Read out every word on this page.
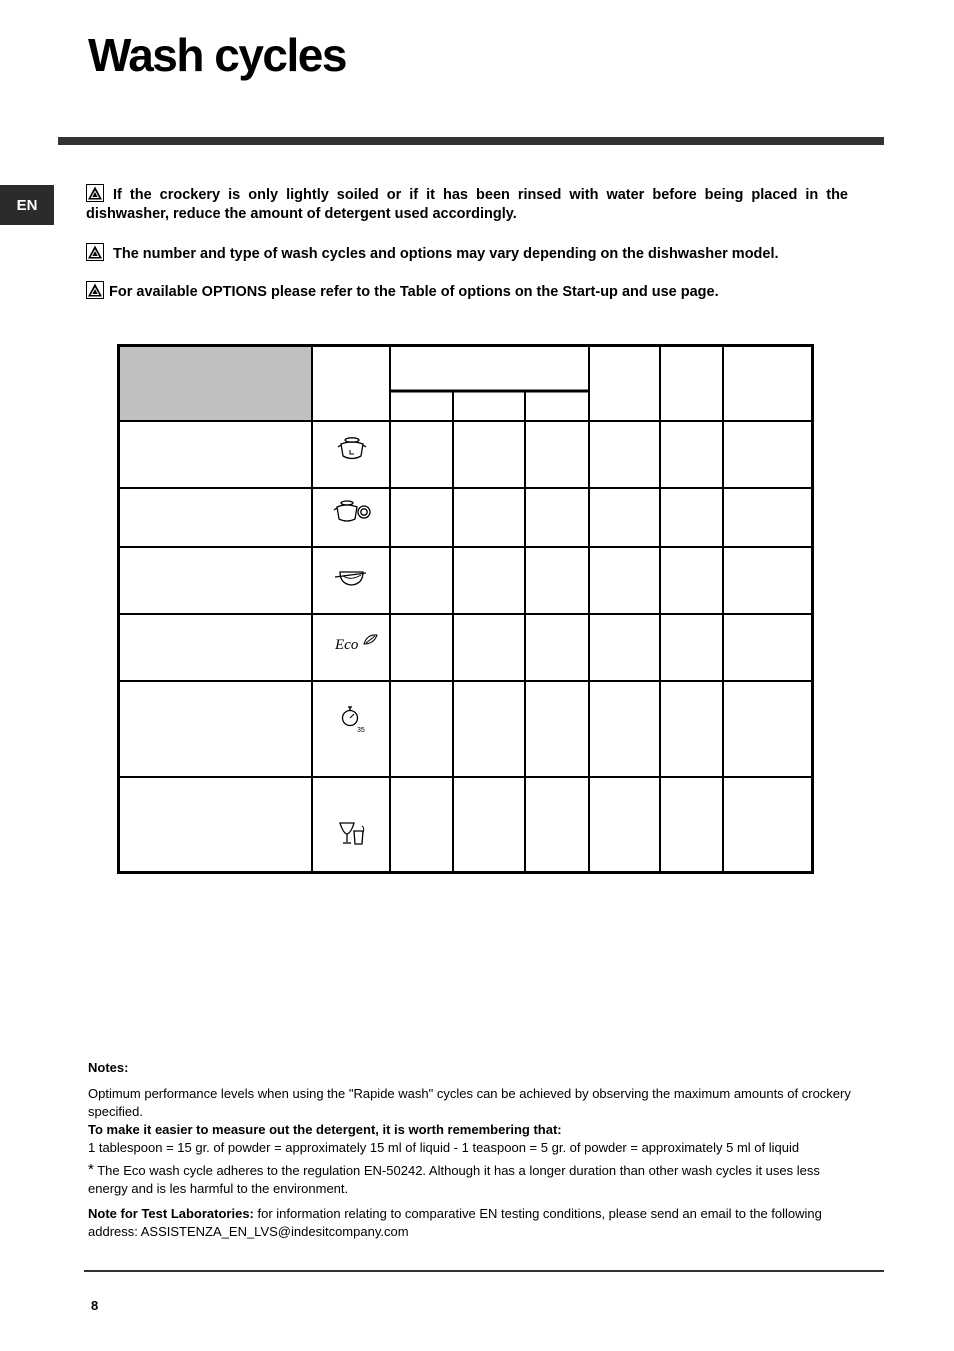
Wash cycles
EN
If the crockery is only lightly soiled or if it has been rinsed with water before being placed in the dishwasher, reduce the amount of detergent used accordingly.
The number and type of wash cycles and options may vary depending on the dishwasher model.
For available OPTIONS please refer to the Table of options on the Start-up and use page.
Eco
35

Notes:

Optimum performance levels when using the "Rapide wash" cycles can be achieved by observing the maximum amounts of crockery specified.

To make it easier to measure out the detergent, it is worth remembering that:

1 tablespoon = 15 gr. of powder = approximately 15 ml of liquid - 1 teaspoon = 5 gr. of powder = approximately 5 ml of liquid

* The Eco wash cycle adheres to the regulation EN-50242. Although it has a longer duration than other wash cycles it uses less energy and is les harmful to the environment.

Note for Test Laboratories: for information relating to comparative EN testing conditions, please send an email to the following address: ASSISTENZA_EN_LVS@indesitcompany.com

8
